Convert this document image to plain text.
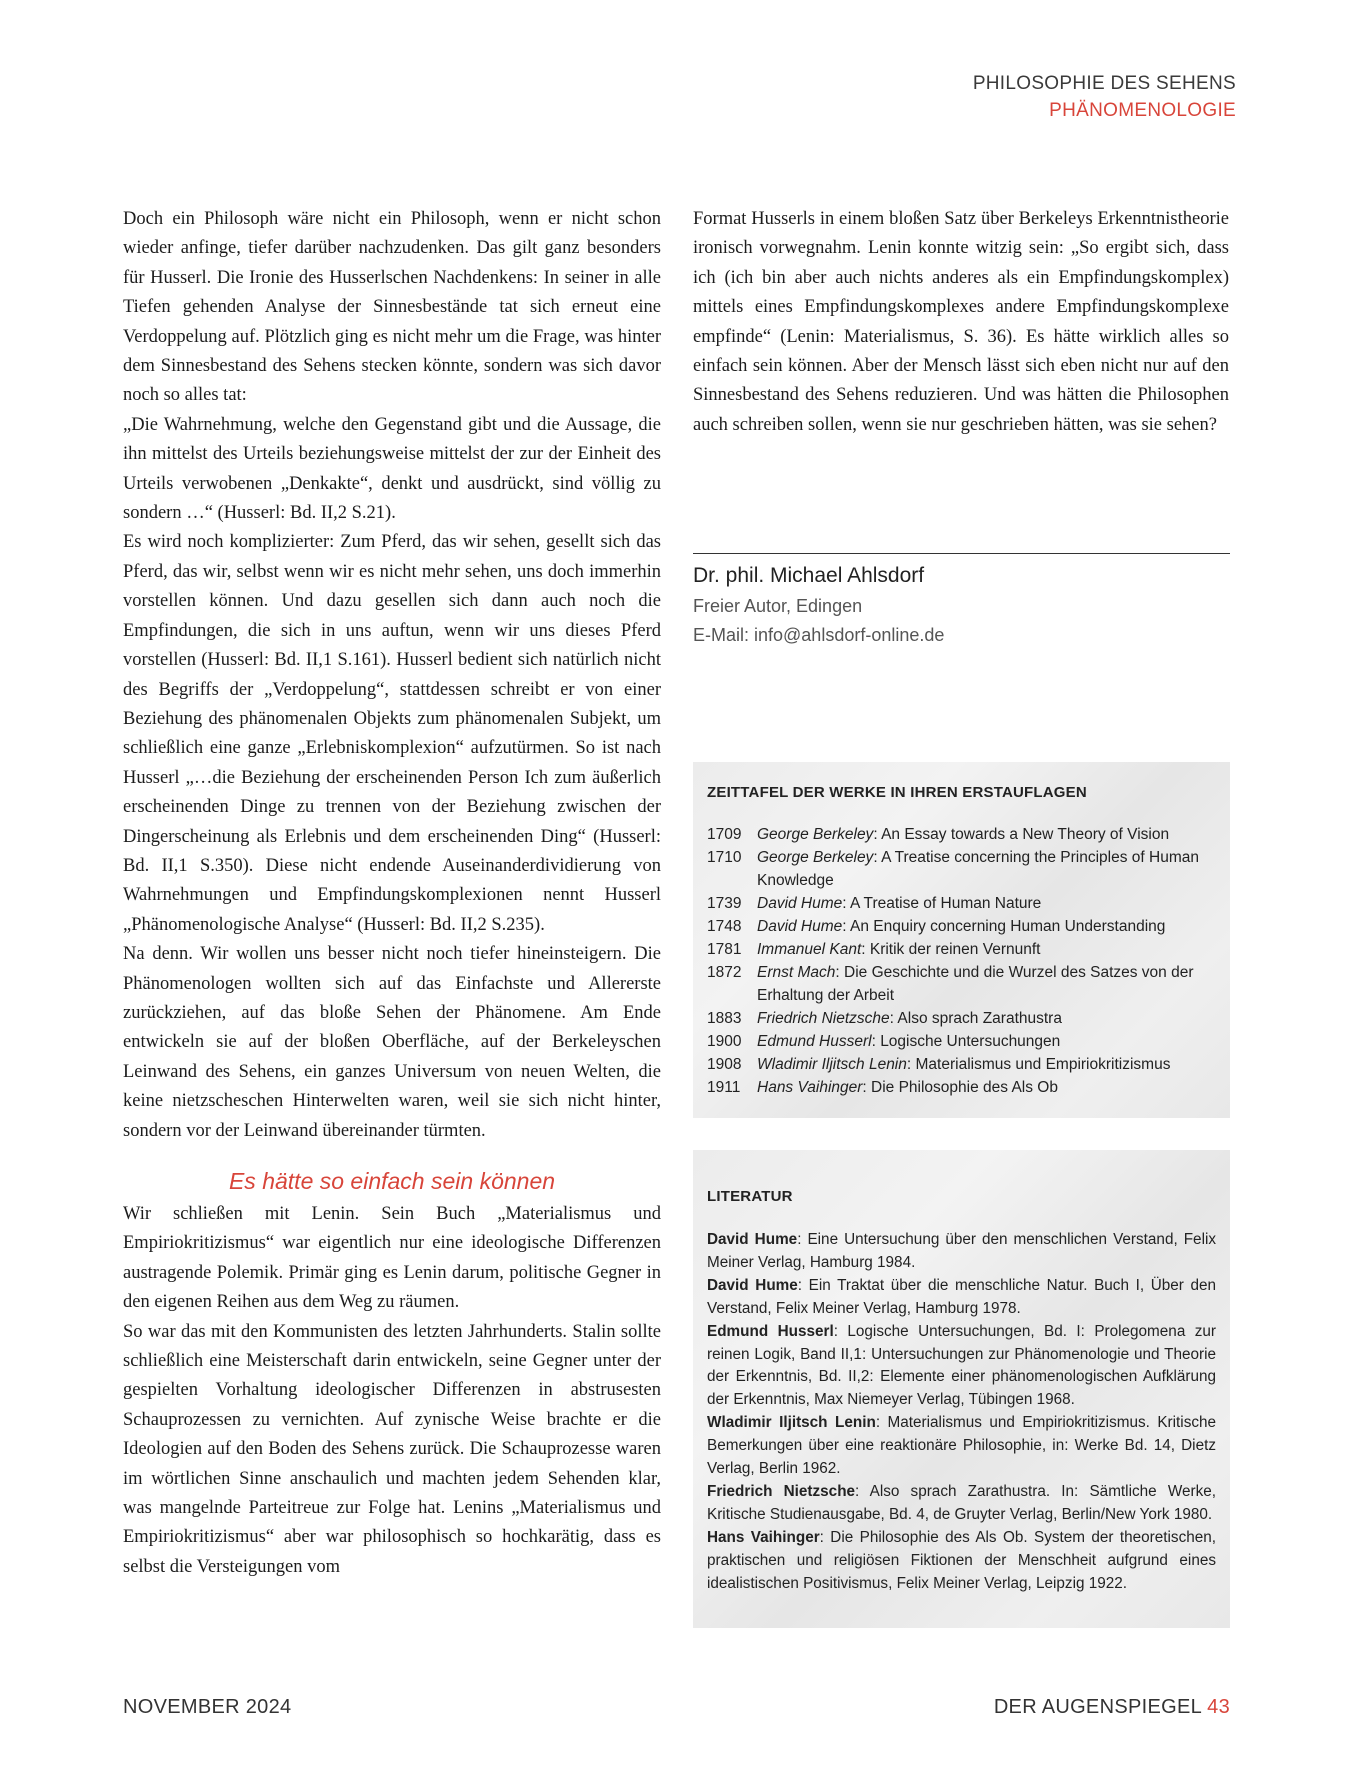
PHILOSOPHIE DES SEHENS
PHÄNOMENOLOGIE

Doch ein Philosoph wäre nicht ein Philosoph, wenn er nicht schon wieder anfinge, tiefer darüber nachzudenken. Das gilt ganz besonders für Husserl. Die Ironie des Husserlschen Nachdenkens: In seiner in alle Tiefen gehenden Analyse der Sinnesbestände tat sich erneut eine Verdoppelung auf. Plötzlich ging es nicht mehr um die Frage, was hinter dem Sinnesbestand des Sehens stecken könnte, sondern was sich davor noch so alles tat:

„Die Wahrnehmung, welche den Gegenstand gibt und die Aussage, die ihn mittelst des Urteils beziehungsweise mittelst der zur der Einheit des Urteils verwobenen „Denkakte“, denkt und ausdrückt, sind völlig zu sondern …“ (Husserl: Bd. II,2 S.21).

Es wird noch komplizierter: Zum Pferd, das wir sehen, gesellt sich das Pferd, das wir, selbst wenn wir es nicht mehr sehen, uns doch immerhin vorstellen können. Und dazu gesellen sich dann auch noch die Empfindungen, die sich in uns auftun, wenn wir uns dieses Pferd vorstellen (Husserl: Bd. II,1 S.161). Husserl bedient sich natürlich nicht des Begriffs der „Verdoppelung“, stattdessen schreibt er von einer Beziehung des phänomenalen Objekts zum phänomenalen Subjekt, um schließlich eine ganze „Erlebniskomplexion“ aufzutürmen. So ist nach Husserl „…die Beziehung der erscheinenden Person Ich zum äußerlich erscheinenden Dinge zu trennen von der Beziehung zwischen der Dingerscheinung als Erlebnis und dem erscheinenden Ding“ (Husserl: Bd. II,1 S.350). Diese nicht endende Auseinanderdividierung von Wahrnehmungen und Empfindungskomplexionen nennt Husserl „Phänomenologische Analyse“ (Husserl: Bd. II,2 S.235).

Na denn. Wir wollen uns besser nicht noch tiefer hineinsteigern. Die Phänomenologen wollten sich auf das Einfachste und Allererste zurückziehen, auf das bloße Sehen der Phänomene. Am Ende entwickeln sie auf der bloßen Oberfläche, auf der Berkeleyschen Leinwand des Sehens, ein ganzes Universum von neuen Welten, die keine nietzscheschen Hinterwelten waren, weil sie sich nicht hinter, sondern vor der Leinwand übereinander türmten.

Es hätte so einfach sein können

Wir schließen mit Lenin. Sein Buch „Materialismus und Empiriokritizismus“ war eigentlich nur eine ideologische Differenzen austragende Polemik. Primär ging es Lenin darum, politische Gegner in den eigenen Reihen aus dem Weg zu räumen.

So war das mit den Kommunisten des letzten Jahrhunderts. Stalin sollte schließlich eine Meisterschaft darin entwickeln, seine Gegner unter der gespielten Vorhaltung ideologischer Differenzen in abstrusesten Schauprozessen zu vernichten. Auf zynische Weise brachte er die Ideologien auf den Boden des Sehens zurück. Die Schauprozesse waren im wörtlichen Sinne anschaulich und machten jedem Sehenden klar, was mangelnde Parteitreue zur Folge hat. Lenins „Materialismus und Empiriokritizismus“ aber war philosophisch so hochkarätig, dass es selbst die Versteigungen vom

Format Husserls in einem bloßen Satz über Berkeleys Erkenntnistheorie ironisch vorwegnahm. Lenin konnte witzig sein: „So ergibt sich, dass ich (ich bin aber auch nichts anderes als ein Empfindungskomplex) mittels eines Empfindungskomplexes andere Empfindungskomplexe empfinde“ (Lenin: Materialismus, S. 36). Es hätte wirklich alles so einfach sein können. Aber der Mensch lässt sich eben nicht nur auf den Sinnesbestand des Sehens reduzieren. Und was hätten die Philosophen auch schreiben sollen, wenn sie nur geschrieben hätten, was sie sehen?

Dr. phil. Michael Ahlsdorf
Freier Autor, Edingen
E-Mail: info@ahlsdorf-online.de
ZEITTAFEL DER WERKE IN IHREN ERSTAUFLAGEN
1709	George Berkeley: An Essay towards a New Theory of Vision
1710	George Berkeley: A Treatise concerning the Principles of Human Knowledge
1739	David Hume: A Treatise of Human Nature
1748	David Hume: An Enquiry concerning Human Understanding
1781	Immanuel Kant: Kritik der reinen Vernunft
1872	Ernst Mach: Die Geschichte und die Wurzel des Satzes von der Erhaltung der Arbeit
1883	Friedrich Nietzsche: Also sprach Zarathustra
1900	Edmund Husserl: Logische Untersuchungen
1908	Wladimir Iljitsch Lenin: Materialismus und Empiriokritizismus
1911	Hans Vaihinger: Die Philosophie des Als Ob
LITERATUR

David Hume: Eine Untersuchung über den menschlichen Verstand, Felix Meiner Verlag, Hamburg 1984.

David Hume: Ein Traktat über die menschliche Natur. Buch I, Über den Verstand, Felix Meiner Verlag, Hamburg 1978.

Edmund Husserl: Logische Untersuchungen, Bd. I: Prolegomena zur reinen Logik, Band II,1: Untersuchungen zur Phänomenologie und Theorie der Erkenntnis, Bd. II,2: Elemente einer phänomenologischen Aufklärung der Erkenntnis, Max Niemeyer Verlag, Tübingen 1968.

Wladimir Iljitsch Lenin: Materialismus und Empiriokritizismus. Kritische Bemerkungen über eine reaktionäre Philosophie, in: Werke Bd. 14, Dietz Verlag, Berlin 1962.

Friedrich Nietzsche: Also sprach Zarathustra. In: Sämtliche Werke, Kritische Studienausgabe, Bd. 4, de Gruyter Verlag, Berlin/New York 1980.

Hans Vaihinger: Die Philosophie des Als Ob. System der theoretischen, praktischen und religiösen Fiktionen der Menschheit aufgrund eines idealistischen Positivismus, Felix Meiner Verlag, Leipzig 1922.

NOVEMBER 2024	DER AUGENSPIEGEL 43
